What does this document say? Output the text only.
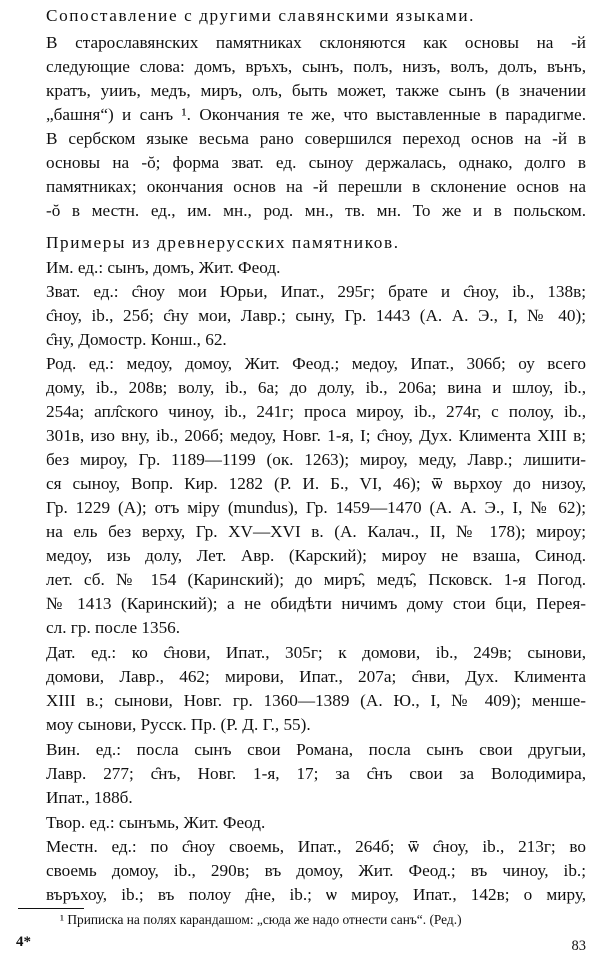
Сопоставление с другими славянскими языками.
В старославянских памятниках склоняются как основы на -й
следующие слова: домъ, връхъ, сынъ, полъ, низъ, волъ, долъ, вънъ,
кратъ, уииъ, медъ, миръ, олъ, быть может, также сынъ (в значении
„башня“) и санъ ¹. Окончания те же, что выставленные в парадигме.
В сербском языке весьма рано совершился переход основ на -й в
основы на -ŏ; форма зват. ед. сыноу держалась, однако, долго в
памятниках; окончания основ на -й перешли в склонение основ на
-ŏ в местн. ед., им. мн., род. мн., тв. мн. То же и в польском.
Примеры из древнерусских памятников.
Им. ед.: сынъ, домъ, Жит. Феод.
Зват. ед.: с̑ноу мои Юрьи, Ипат., 295г; брате и с̑ноу, ib., 138в;
с̑ноу, ib., 25б; с̑ну мои, Лавр.; сыну, Гр. 1443 (А. А. Э., I, № 40);
с̑ну, Домостр. Конш., 62.
Род. ед.: медоу, домоу, Жит. Феод.; медоу, Ипат., 306б; оу всего
дому, ib., 208в; волу, ib., 6а; до долу, ib., 206а; вина и шлоу, ib.,
254а; апл̑ского чиноу, ib., 241г; проса мироу, ib., 274г, с полоу, ib.,
301в, изо вну, ib., 206б; медоу, Новг. 1-я, I; с̑ноу, Дух. Климента XIII в;
без мироу, Гр. 1189—1199 (ок. 1263); мироу, меду, Лавр.; лишити-
ся сыноу, Вопр. Кир. 1282 (Р. И. Б., VI, 46); ѿ вьрхоу до низоу,
Гр. 1229 (А); отъ міру (mundus), Гр. 1459—1470 (А. А. Э., I, № 62);
на ель без верху, Гр. XV—XVI в. (А. Калач., II, № 178); мироу;
медоу, изь долу, Лет. Авр. (Карский); мироу не взаша, Синод.
лет. сб. № 154 (Каринский); до миръ̑, медъ̑, Псковск. 1-я Погод.
№ 1413 (Каринский); а не обидѣти ничимъ дому стои бци, Перея-
сл. гр. после 1356.
Дат. ед.: ко с̑нови, Ипат., 305г; к домови, ib., 249в; сынови,
домови, Лавр., 462; мирови, Ипат., 207а; с̑нви, Дух. Климента
XIII в.; сынови, Новг. гр. 1360—1389 (А. Ю., I, № 409); менше-
моу сынови, Русск. Пр. (Р. Д. Г., 55).
Вин. ед.: посла сынъ свои Романа, посла сынъ свои другыи,
Лавр. 277; с̑нъ, Новг. 1-я, 17; за с̑нъ свои за Володимира,
Ипат., 188б.
Твор. ед.: сынъмь, Жит. Феод.
Местн. ед.: по с̑ноу своемь, Ипат., 264б; ѿ с̑ноу, ib., 213г; во
своемь домоу, ib., 290в; въ домоу, Жит. Феод.; въ чиноу, ib.;
въръхоу, ib.; въ полоу д̑не, ib.; ѡ мироу, Ипат., 142в; о миру,
¹ Приписка на полях карандашом: „сюда же надо отнести санъ“. (Ред.)
4*	83
